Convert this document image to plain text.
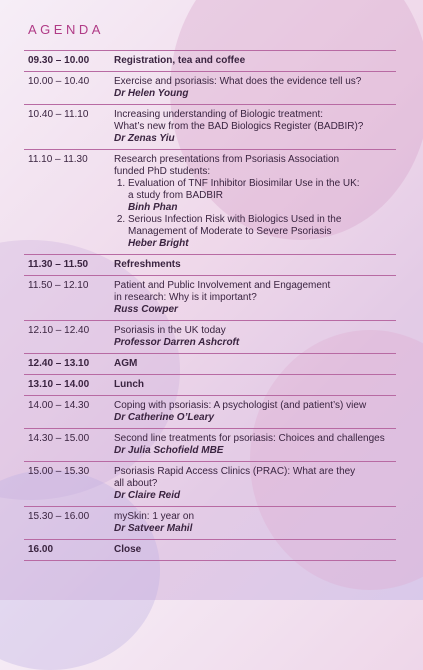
AGENDA
09.30 – 10.00	Registration, tea and coffee
10.00 – 10.40	Exercise and psoriasis: What does the evidence tell us?
Dr Helen Young
10.40 – 11.10	Increasing understanding of Biologic treatment:
What’s new from the BAD Biologics Register (BADBIR)?
Dr Zenas Yiu
11.10 – 11.30	Research presentations from Psoriasis Association
funded PhD students:
1. Evaluation of TNF Inhibitor Biosimilar Use in the UK:
a study from BADBIR
Binh Phan
2. Serious Infection Risk with Biologics Used in the
Management of Moderate to Severe Psoriasis
Heber Bright
11.30 – 11.50	Refreshments
11.50 – 12.10	Patient and Public Involvement and Engagement
in research: Why is it important?
Russ Cowper
12.10 – 12.40	Psoriasis in the UK today
Professor Darren Ashcroft
12.40 – 13.10	AGM
13.10 – 14.00	Lunch
14.00 – 14.30	Coping with psoriasis: A psychologist (and patient’s) view
Dr Catherine O’Leary
14.30 – 15.00	Second line treatments for psoriasis: Choices and challenges
Dr Julia Schofield MBE
15.00 – 15.30	Psoriasis Rapid Access Clinics (PRAC): What are they
all about?
Dr Claire Reid
15.30 – 16.00	mySkin: 1 year on
Dr Satveer Mahil
16.00	Close
